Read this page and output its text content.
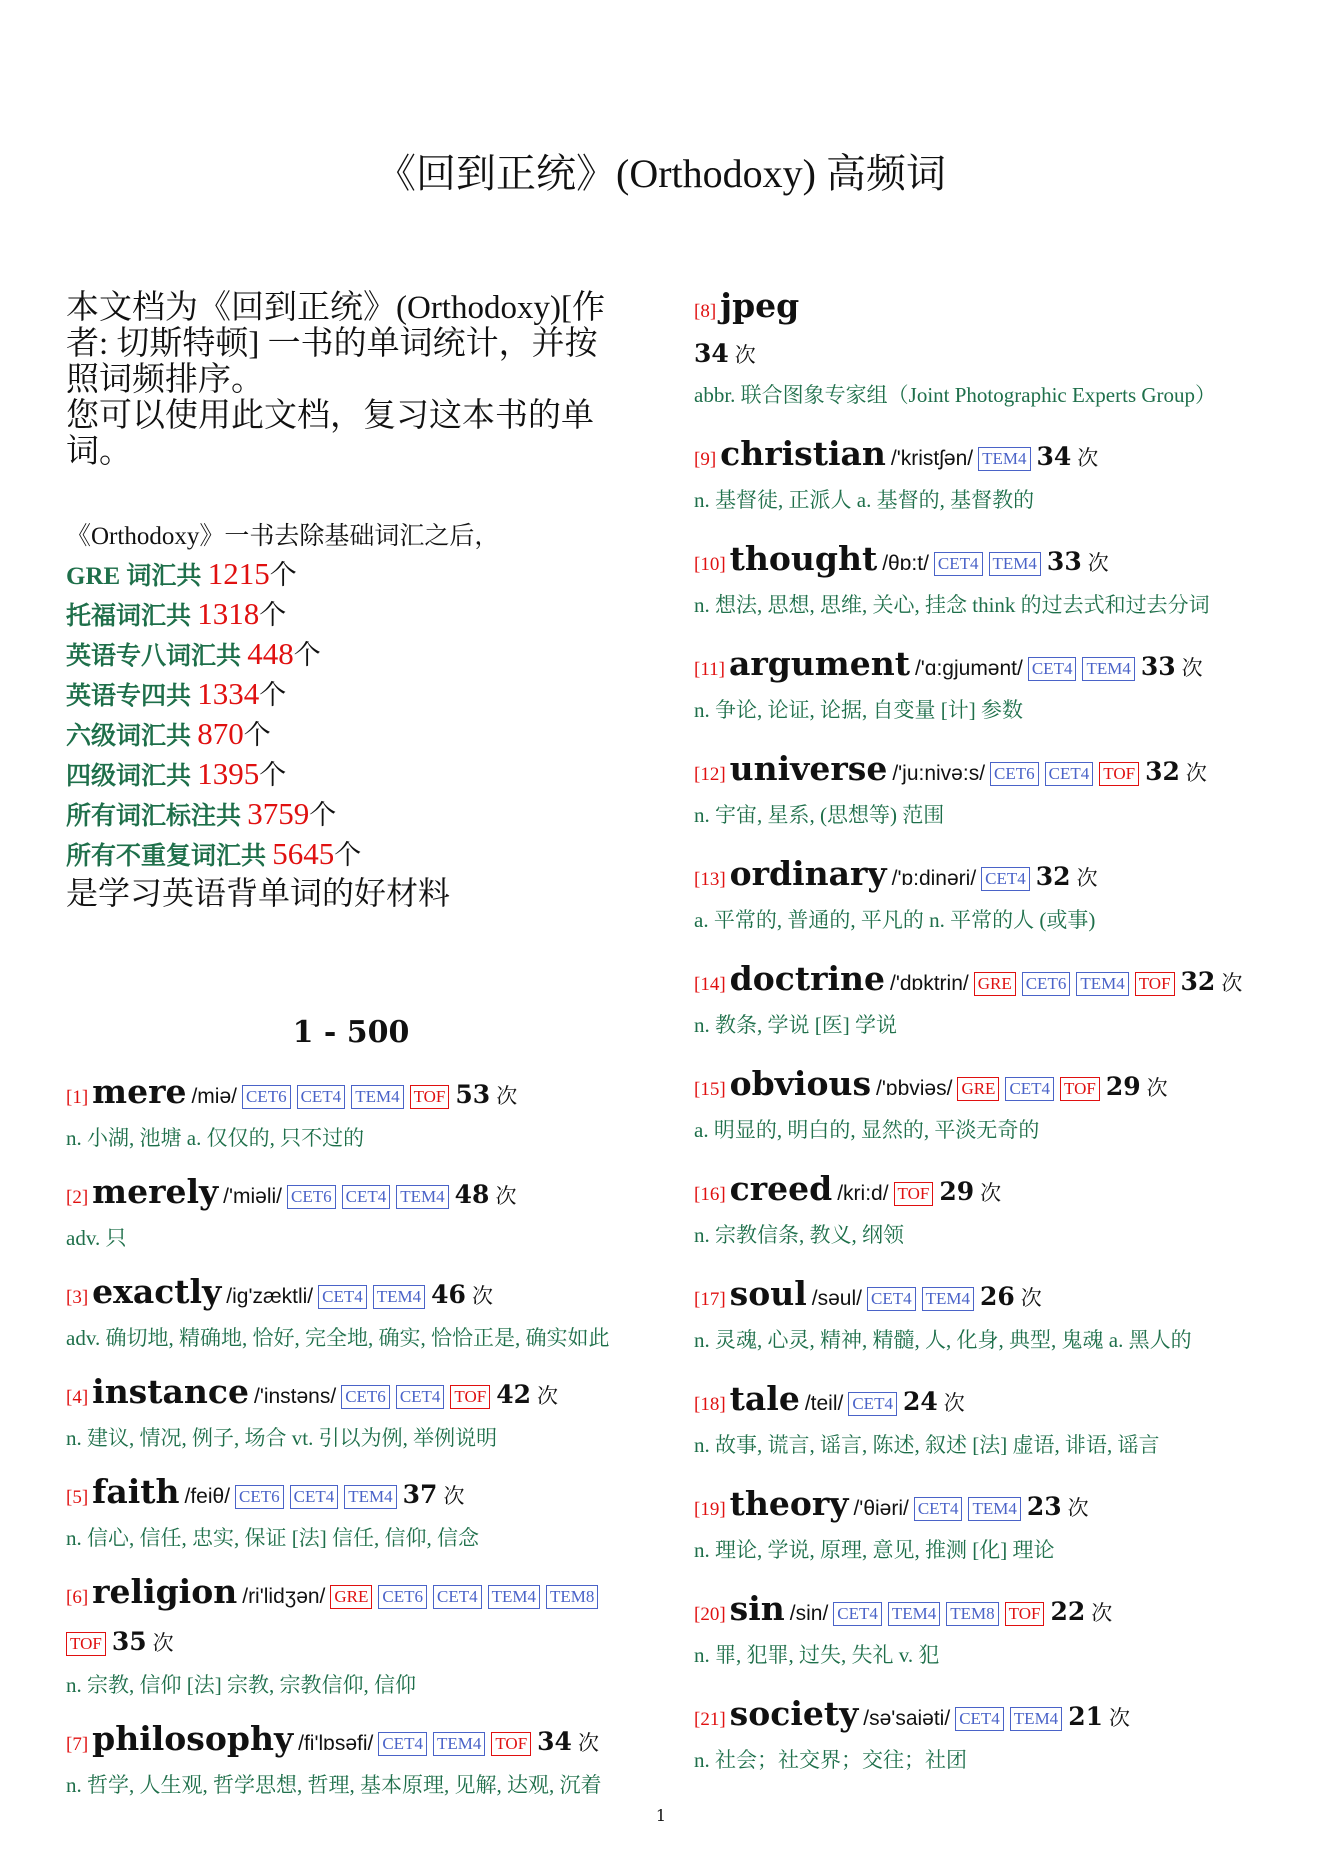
《回到正统》(Orthodoxy) 高频词
本文档为《回到正统》(Orthodoxy)[作
者: 切斯特顿] 一书的单词统计，并按
照词频排序。
您可以使用此文档，复习这本书的单
词。
《Orthodoxy》一书去除基础词汇之后，
GRE 词汇共 1215个
托福词汇共 1318个
英语专八词汇共 448个
英语专四共 1334个
六级词汇共 870个
四级词汇共 1395个
所有词汇标注共 3759个
所有不重复词汇共 5645个
是学习英语背单词的好材料
1 - 500
[1] mere /miə/ CET6 CET4 TEM4 TOF 53 次
n. 小湖, 池塘 a. 仅仅的, 只不过的
[2] merely /'miəli/ CET6 CET4 TEM4 48 次
adv. 只
[3] exactly /ig'zæktli/ CET4 TEM4 46 次
adv. 确切地, 精确地, 恰好, 完全地, 确实, 恰恰正是, 确实如此
[4] instance /'instəns/ CET6 CET4 TOF 42 次
n. 建议, 情况, 例子, 场合 vt. 引以为例, 举例说明
[5] faith /feiθ/ CET6 CET4 TEM4 37 次
n. 信心, 信任, 忠实, 保证 [法] 信任, 信仰, 信念
[6] religion /ri'lidʒən/ GRE CET6 CET4 TEM4 TEM8TOF 35 次
n. 宗教, 信仰 [法] 宗教, 宗教信仰, 信仰
[7] philosophy /fi'lɒsəfi/ CET4 TEM4 TOF 34 次
n. 哲学, 人生观, 哲学思想, 哲理, 基本原理, 见解, 达观, 沉着
[8] jpeg
34 次
abbr. 联合图象专家组（Joint Photographic Experts Group）
[9] christian /'kristʃən/ TEM4 34 次
n. 基督徒, 正派人 a. 基督的, 基督教的
[10] thought /θɒ:t/ CET4 TEM4 33 次
n. 想法, 思想, 思维, 关心, 挂念 think 的过去式和过去分词
[11] argument /'ɑ:gjumənt/ CET4 TEM4 33 次
n. 争论, 论证, 论据, 自变量 [计] 参数
[12] universe /'ju:nivə:s/ CET6 CET4 TOF 32 次
n. 宇宙, 星系, (思想等) 范围
[13] ordinary /'ɒ:dinəri/ CET4 32 次
a. 平常的, 普通的, 平凡的 n. 平常的人 (或事)
[14] doctrine /'dɒktrin/ GRE CET6 TEM4 TOF 32 次
n. 教条, 学说 [医] 学说
[15] obvious /'ɒbviəs/ GRE CET4 TOF 29 次
a. 明显的, 明白的, 显然的, 平淡无奇的
[16] creed /kri:d/ TOF 29 次
n. 宗教信条, 教义, 纲领
[17] soul /səul/ CET4 TEM4 26 次
n. 灵魂, 心灵, 精神, 精髓, 人, 化身, 典型, 鬼魂 a. 黑人的
[18] tale /teil/ CET4 24 次
n. 故事, 谎言, 谣言, 陈述, 叙述 [法] 虚语, 诽语, 谣言
[19] theory /'θiəri/ CET4 TEM4 23 次
n. 理论, 学说, 原理, 意见, 推测 [化] 理论
[20] sin /sin/ CET4 TEM4 TEM8 TOF 22 次
n. 罪, 犯罪, 过失, 失礼 v. 犯
[21] society /sə'saiəti/ CET4 TEM4 21 次
n. 社会；社交界；交往；社团
1
